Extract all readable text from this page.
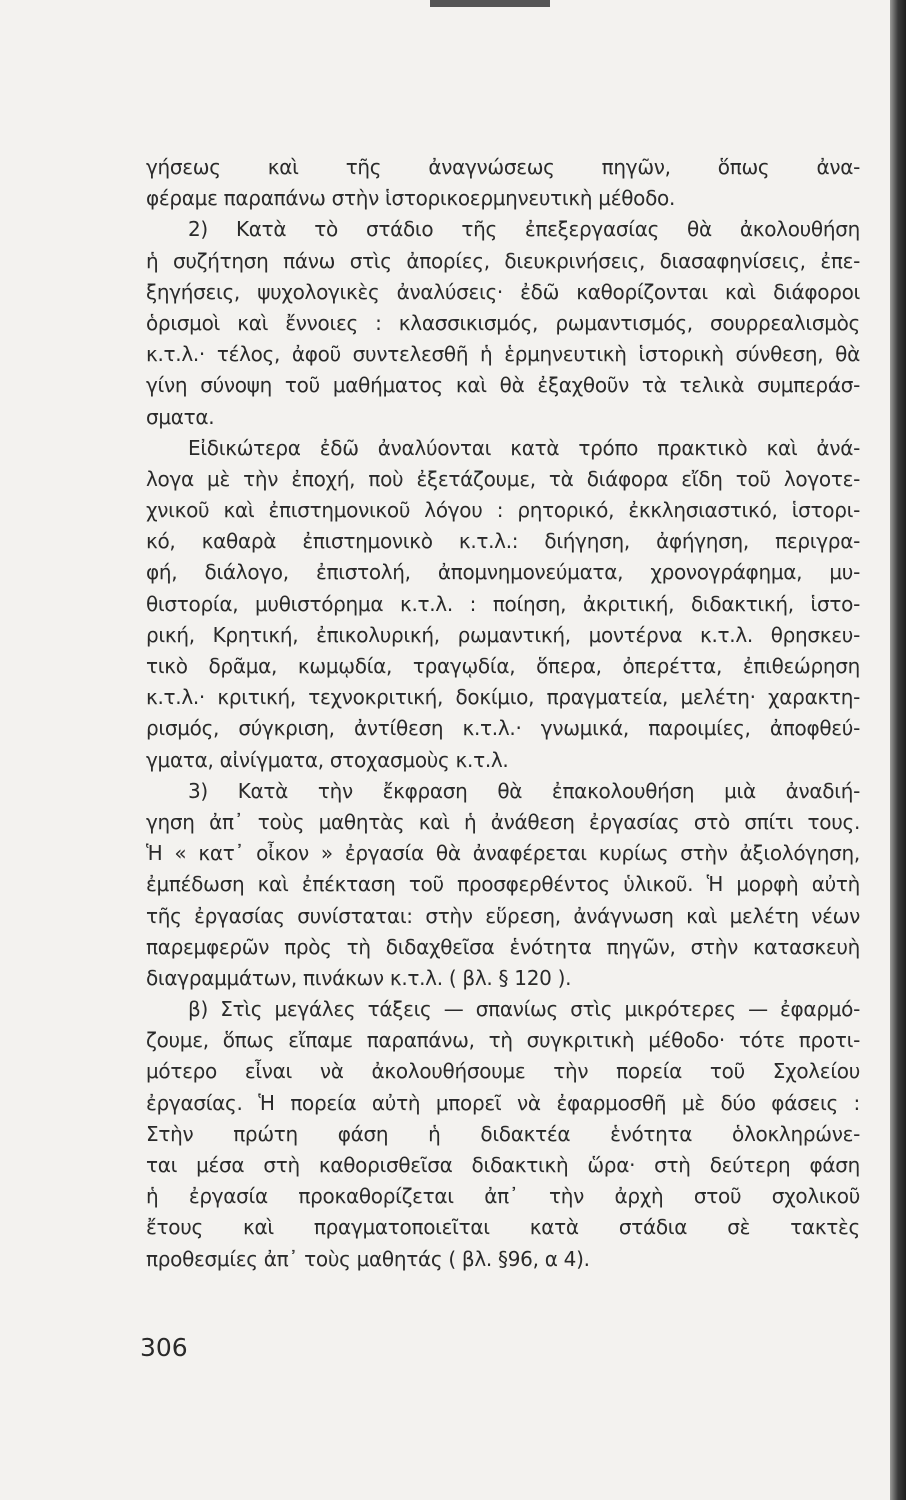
γήσεως καὶ τῆς ἀναγνώσεως πηγῶν, ὅπως ἀνα-
φέραμε παραπάνω στὴν ἱστορικοερμηνευτικὴ μέθοδο.
2) Κατὰ τὸ στάδιο τῆς ἐπεξεργασίας θὰ ἀκολουθήση
ἡ συζήτηση πάνω στὶς ἀπορίες, διευκρινήσεις, διασαφηνίσεις, ἐπε-
ξηγήσεις, ψυχολογικὲς ἀναλύσεις· ἐδῶ καθορίζονται καὶ διάφοροι
ὁρισμοὶ καὶ ἔννοιες : κλασσικισμός, ρωμαντισμός, σουρρεαλισμὸς
κ.τ.λ.· τέλος, ἀφοῦ συντελεσθῆ ἡ ἑρμηνευτικὴ ἱστορικὴ σύνθεση, θὰ
γίνη σύνοψη τοῦ μαθήματος καὶ θὰ ἐξαχθοῦν τὰ τελικὰ συμπεράσ-
σματα.
Εἰδικώτερα ἐδῶ ἀναλύονται κατὰ τρόπο πρακτικὸ καὶ ἀνά-
λογα μὲ τὴν ἐποχή, ποὺ ἐξετάζουμε, τὰ διάφορα εἴδη τοῦ λογοτε-
χνικοῦ καὶ ἐπιστημονικοῦ λόγου : ρητορικό, ἐκκλησιαστικό, ἱστορι-
κό, καθαρὰ ἐπιστημονικὸ κ.τ.λ.: διήγηση, ἀφήγηση, περιγρα-
φή, διάλογο, ἐπιστολή, ἀπομνημονεύματα, χρονογράφημα, μυ-
θιστορία, μυθιστόρημα κ.τ.λ. : ποίηση, ἀκριτική, διδακτική, ἱστο-
ρική, Κρητική, ἐπικολυρική, ρωμαντική, μοντέρνα κ.τ.λ. θρησκευ-
τικὸ δρᾶμα, κωμῳδία, τραγῳδία, ὅπερα, ὀπερέττα, ἐπιθεώρηση
κ.τ.λ.· κριτική, τεχνοκριτική, δοκίμιο, πραγματεία, μελέτη· χαρακτη-
ρισμός, σύγκριση, ἀντίθεση κ.τ.λ.· γνωμικά, παροιμίες, ἀποφθεύ-
γματα, αἰνίγματα, στοχασμοὺς κ.τ.λ.
3) Κατὰ τὴν ἔκφραση θὰ ἐπακολουθήση μιὰ ἀναδιή-
γηση ἀπ᾽ τοὺς μαθητὰς καὶ ἡ ἀνάθεση ἐργασίας στὸ σπίτι τους.
Ἡ « κατ᾽ οἶκον » ἐργασία θὰ ἀναφέρεται κυρίως στὴν ἀξιολόγηση,
ἐμπέδωση καὶ ἐπέκταση τοῦ προσφερθέντος ὑλικοῦ. Ἡ μορφὴ αὐτὴ
τῆς ἐργασίας συνίσταται: στὴν εὕρεση, ἀνάγνωση καὶ μελέτη νέων
παρεμφερῶν πρὸς τὴ διδαχθεῖσα ἑνότητα πηγῶν, στὴν κατασκευὴ
διαγραμμάτων, πινάκων κ.τ.λ. ( βλ. § 120 ).
β) Στὶς μεγάλες τάξεις — σπανίως στὶς μικρότερες — ἐφαρμό-
ζουμε, ὅπως εἴπαμε παραπάνω, τὴ συγκριτικὴ μέθοδο· τότε προτι-
μότερο εἶναι νὰ ἀκολουθήσουμε τὴν πορεία τοῦ Σχολείου
ἐργασίας. Ἡ πορεία αὐτὴ μπορεῖ νὰ ἐφαρμοσθῆ μὲ δύο φάσεις :
Στὴν πρώτη φάση ἡ διδακτέα ἑνότητα ὁλοκληρώνε-
ται μέσα στὴ καθορισθεῖσα διδακτικὴ ὥρα· στὴ δεύτερη φάση
ἡ ἐργασία προκαθορίζεται ἀπ᾽ τὴν ἀρχὴ στοῦ σχολικοῦ
ἔτους καὶ πραγματοποιεῖται κατὰ στάδια σὲ τακτὲς
προθεσμίες ἀπ᾽ τοὺς μαθητάς ( βλ. §96, α 4).
306
